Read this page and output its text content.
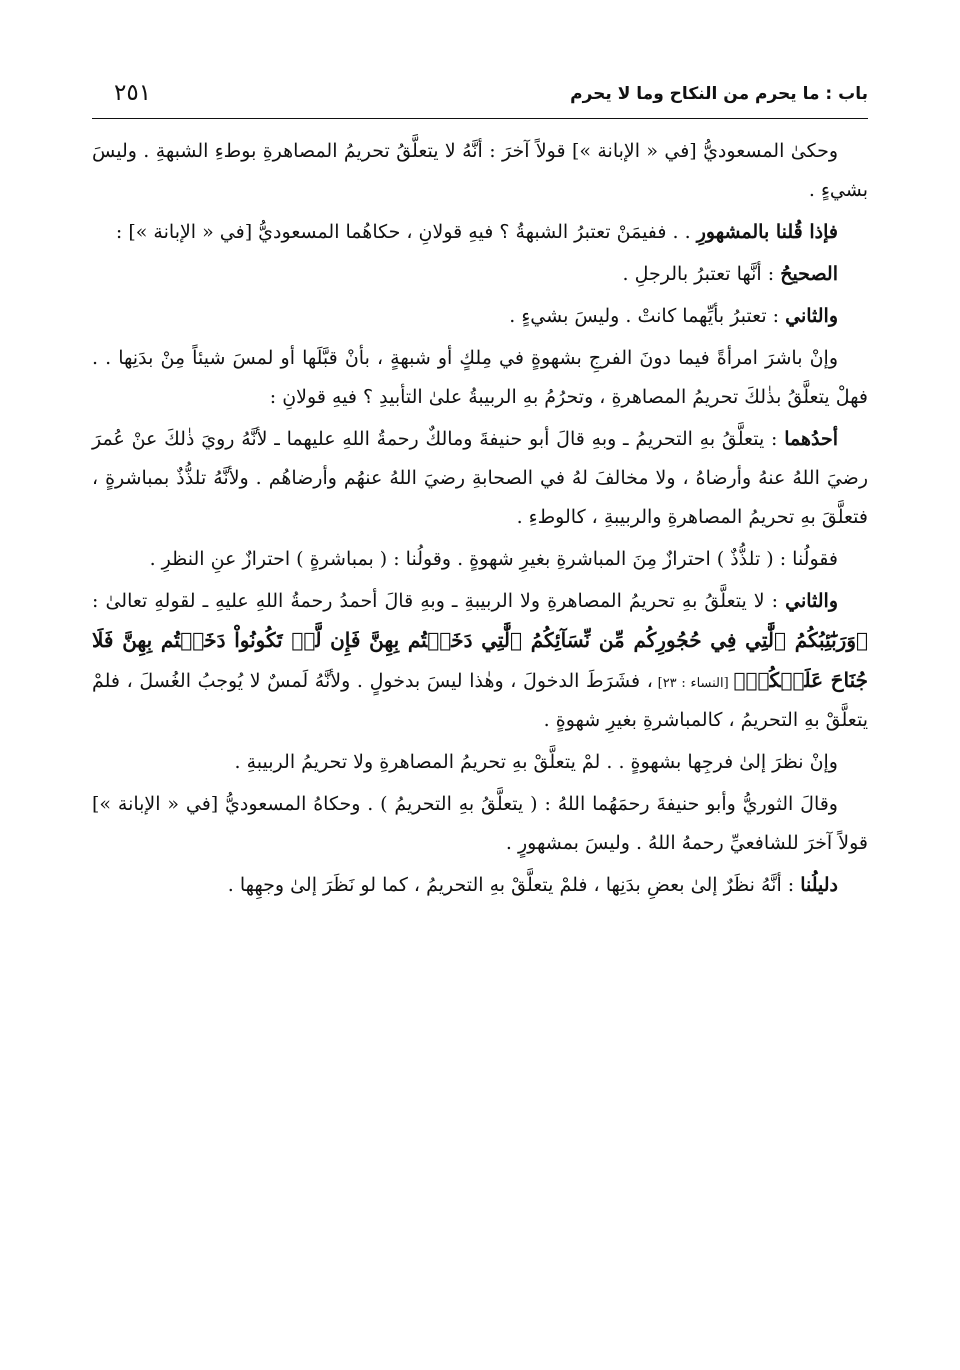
باب : ما يحرم من النكاح وما لا يحرم
٢٥١

وحكىٰ المسعوديُّ [في « الإبانة »] قولاً آخرَ : أنَّهُ لا يتعلَّقُ تحريمُ المصاهرةِ بوطءِ الشبهةِ . وليسَ بشيءٍ .

فإذا قُلنا بالمشهورِ . . ففيمَنْ تعتبرُ الشبهةُ ؟ فيهِ قولانِ ، حكاهُما المسعوديُّ [في « الإبانة »] :

الصحيحُ : أنَّها تعتبرُ بالرجلِ .

والثاني : تعتبرُ بأيِّهما كانتْ . وليسَ بشيءٍ .

وإنْ باشرَ امرأةً فيما دونَ الفرجِ بشهوةٍ في مِلكٍ أو شبهةٍ ، بأنْ قبَّلَها أو لمسَ شيئاً مِنْ بدَنِها . . فهلْ يتعلَّقُ بذٰلكَ تحريمُ المصاهرةِ ، وتحرُمُ بهِ الربيبةُ علىٰ التأبيدِ ؟ فيهِ قولانِ :

أحدُهما : يتعلَّقُ بهِ التحريمُ ـ وبهِ قالَ أبو حنيفةَ ومالكٌ رحمةُ اللهِ عليهما ـ لأنَّهُ رويَ ذٰلكَ عنْ عُمرَ رضيَ اللهُ عنهُ وأرضاهُ ، ولا مخالفَ لهُ في الصحابةِ رضيَ اللهُ عنهُم وأرضاهُم . ولأنَّهُ تلذُّذٌ بمباشرةٍ ، فتعلَّقَ بهِ تحريمُ المصاهرةِ والربيبةِ ، كالوطءِ .

فقولُنا : ( تلذُّذٌ ) احترازٌ مِنَ المباشرةِ بغيرِ شهوةٍ . وقولُنا : ( بمباشرةٍ ) احترازٌ عنِ النظرِ .

والثاني : لا يتعلَّقُ بهِ تحريمُ المصاهرةِ ولا الربيبةِ ـ وبهِ قالَ أحمدُ رحمةُ اللهِ عليهِ ـ لقولهِ تعالىٰ : ﴿وَرَبَٰٓئِبُكُمُ ٱلَّٰتِي فِي حُجُورِكُم مِّن نِّسَآئِكُمُ ٱلَّٰتِي دَخَلۡتُم بِهِنَّ فَإِن لَّمۡ تَكُونُواْ دَخَلۡتُم بِهِنَّ فَلَا جُنَاحَ عَلَيۡكُمۡ﴾ [النساء : ٢٣] ، فشَرَطَ الدخولَ ، وهٰذا ليسَ بدخولٍ . ولأنَّهُ لَمسٌ لا يُوجبُ الغُسلَ ، فلمْ يتعلَّقْ بهِ التحريمُ ، كالمباشرةِ بغيرِ شهوةٍ .

وإنْ نظرَ إلىٰ فرجِها بشهوةٍ . . لمْ يتعلَّقْ بهِ تحريمُ المصاهرةِ ولا تحريمُ الربيبةِ .

وقالَ الثوريُّ وأبو حنيفةَ رحمَهُما اللهُ : ( يتعلَّقُ بهِ التحريمُ ) . وحكاهُ المسعوديُّ [في « الإبانة »] قولاً آخرَ للشافعيِّ رحمهُ اللهُ . وليسَ بمشهورٍ .

دليلُنا : أنَّهُ نظَرٌ إلىٰ بعضِ بدَنِها ، فلمْ يتعلَّقْ بهِ التحريمُ ، كما لو نَظَرَ إلىٰ وجهِها .
